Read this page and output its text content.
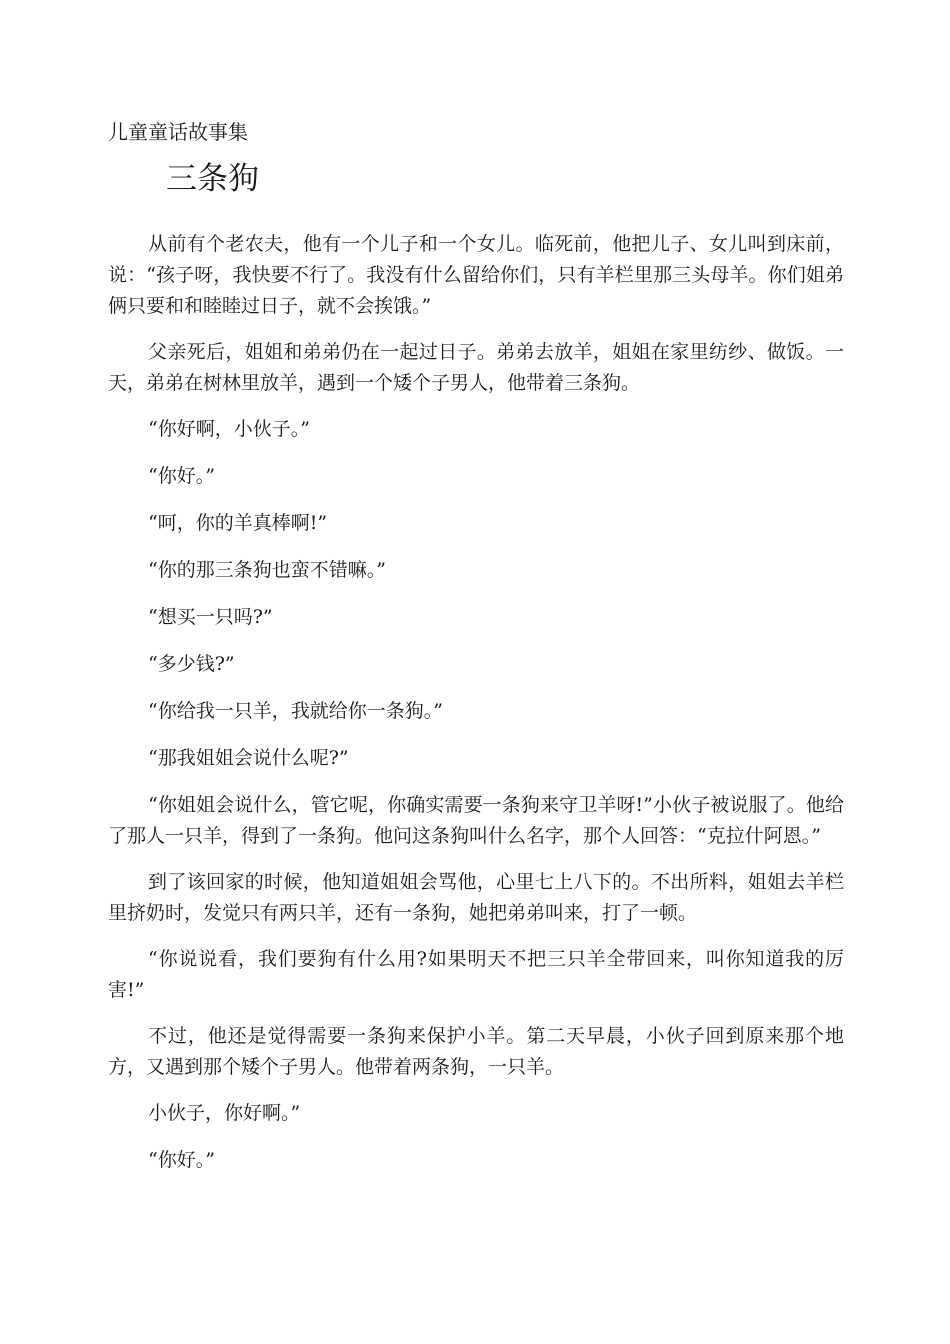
儿童童话故事集
三条狗

从前有个老农夫，他有一个儿子和一个女儿。临死前，他把儿子、女儿叫到床前，说：“孩子呀，我快要不行了。我没有什么留给你们，只有羊栏里那三头母羊。你们姐弟俩只要和和睦睦过日子，就不会挨饿。”

父亲死后，姐姐和弟弟仍在一起过日子。弟弟去放羊，姐姐在家里纺纱、做饭。一天，弟弟在树林里放羊，遇到一个矮个子男人，他带着三条狗。

“你好啊，小伙子。”

“你好。”

“呵，你的羊真棒啊!”

“你的那三条狗也蛮不错嘛。”

“想买一只吗?”

“多少钱?”

“你给我一只羊，我就给你一条狗。”

“那我姐姐会说什么呢?”

“你姐姐会说什么，管它呢，你确实需要一条狗来守卫羊呀!”小伙子被说服了。他给了那人一只羊，得到了一条狗。他问这条狗叫什么名字，那个人回答：“克拉什阿恩。”

到了该回家的时候，他知道姐姐会骂他，心里七上八下的。不出所料，姐姐去羊栏里挤奶时，发觉只有两只羊，还有一条狗，她把弟弟叫来，打了一顿。

“你说说看，我们要狗有什么用?如果明天不把三只羊全带回来，叫你知道我的厉害!”

不过，他还是觉得需要一条狗来保护小羊。第二天早晨，小伙子回到原来那个地方，又遇到那个矮个子男人。他带着两条狗，一只羊。

小伙子，你好啊。”

“你好。”
